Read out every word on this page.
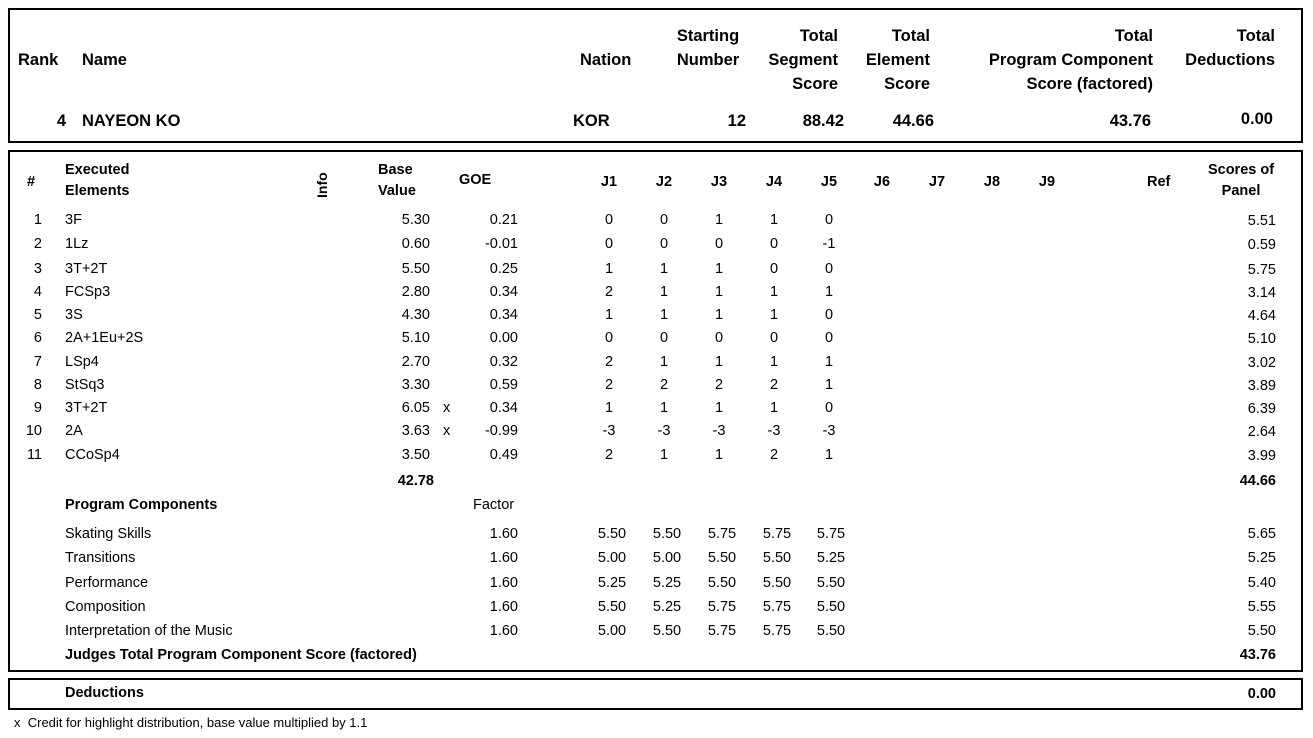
Rank Name	Nation
Starting
Number
Total
Segment
Score
Total
Element
Score
Total
Program Component
Score (factored)
Total
Deductions
4 NAYEON KO	KOR	12	88.42	44.66	43.76	0.00
#
Executed
Elements	Info
Base
Value
GOE	J1	J2	J3	J4	J5	J6	J7	J8	J9	Ref
Scores of
Panel
1 3F	5.30	0.21	0	0	1	1	0	5.51
2 1Lz	0.60	-0.01	0	0	0	0	-1	0.59
3 3T+2T	5.50	0.25	1	1	1	0	0	5.75
4 FCSp3	2.80	0.34	2	1	1	1	1	3.14
5 3S	4.30	0.34	1	1	1	1	0	4.64
6 2A+1Eu+2S	5.10	0.00	0	0	0	0	0	5.10
7 LSp4	2.70	0.32	2	1	1	1	1	3.02
8 StSq3	3.30	0.59	2	2	2	2	1	3.89
9 3T+2T	6.05 x	0.34	1	1	1	1	0	6.39
10 2A	3.63 x	-0.99	-3	-3	-3	-3	-3	2.64
11 CCoSp4	3.50	0.49	2	1	1	2	1	3.99
42.78	44.66
Program Components	Factor
Skating Skills	1.60	5.50	5.50	5.75	5.75	5.75	5.65
Transitions	1.60	5.00	5.00	5.50	5.50	5.25	5.25
Performance	1.60	5.25	5.25	5.50	5.50	5.50	5.40
Composition	1.60	5.50	5.25	5.75	5.75	5.50	5.55
Interpretation of the Music	1.60	5.00	5.50	5.75	5.75	5.50	5.50
Judges Total Program Component Score (factored)	43.76
Deductions	0.00
x Credit for highlight distribution, base value multiplied by 1.1
